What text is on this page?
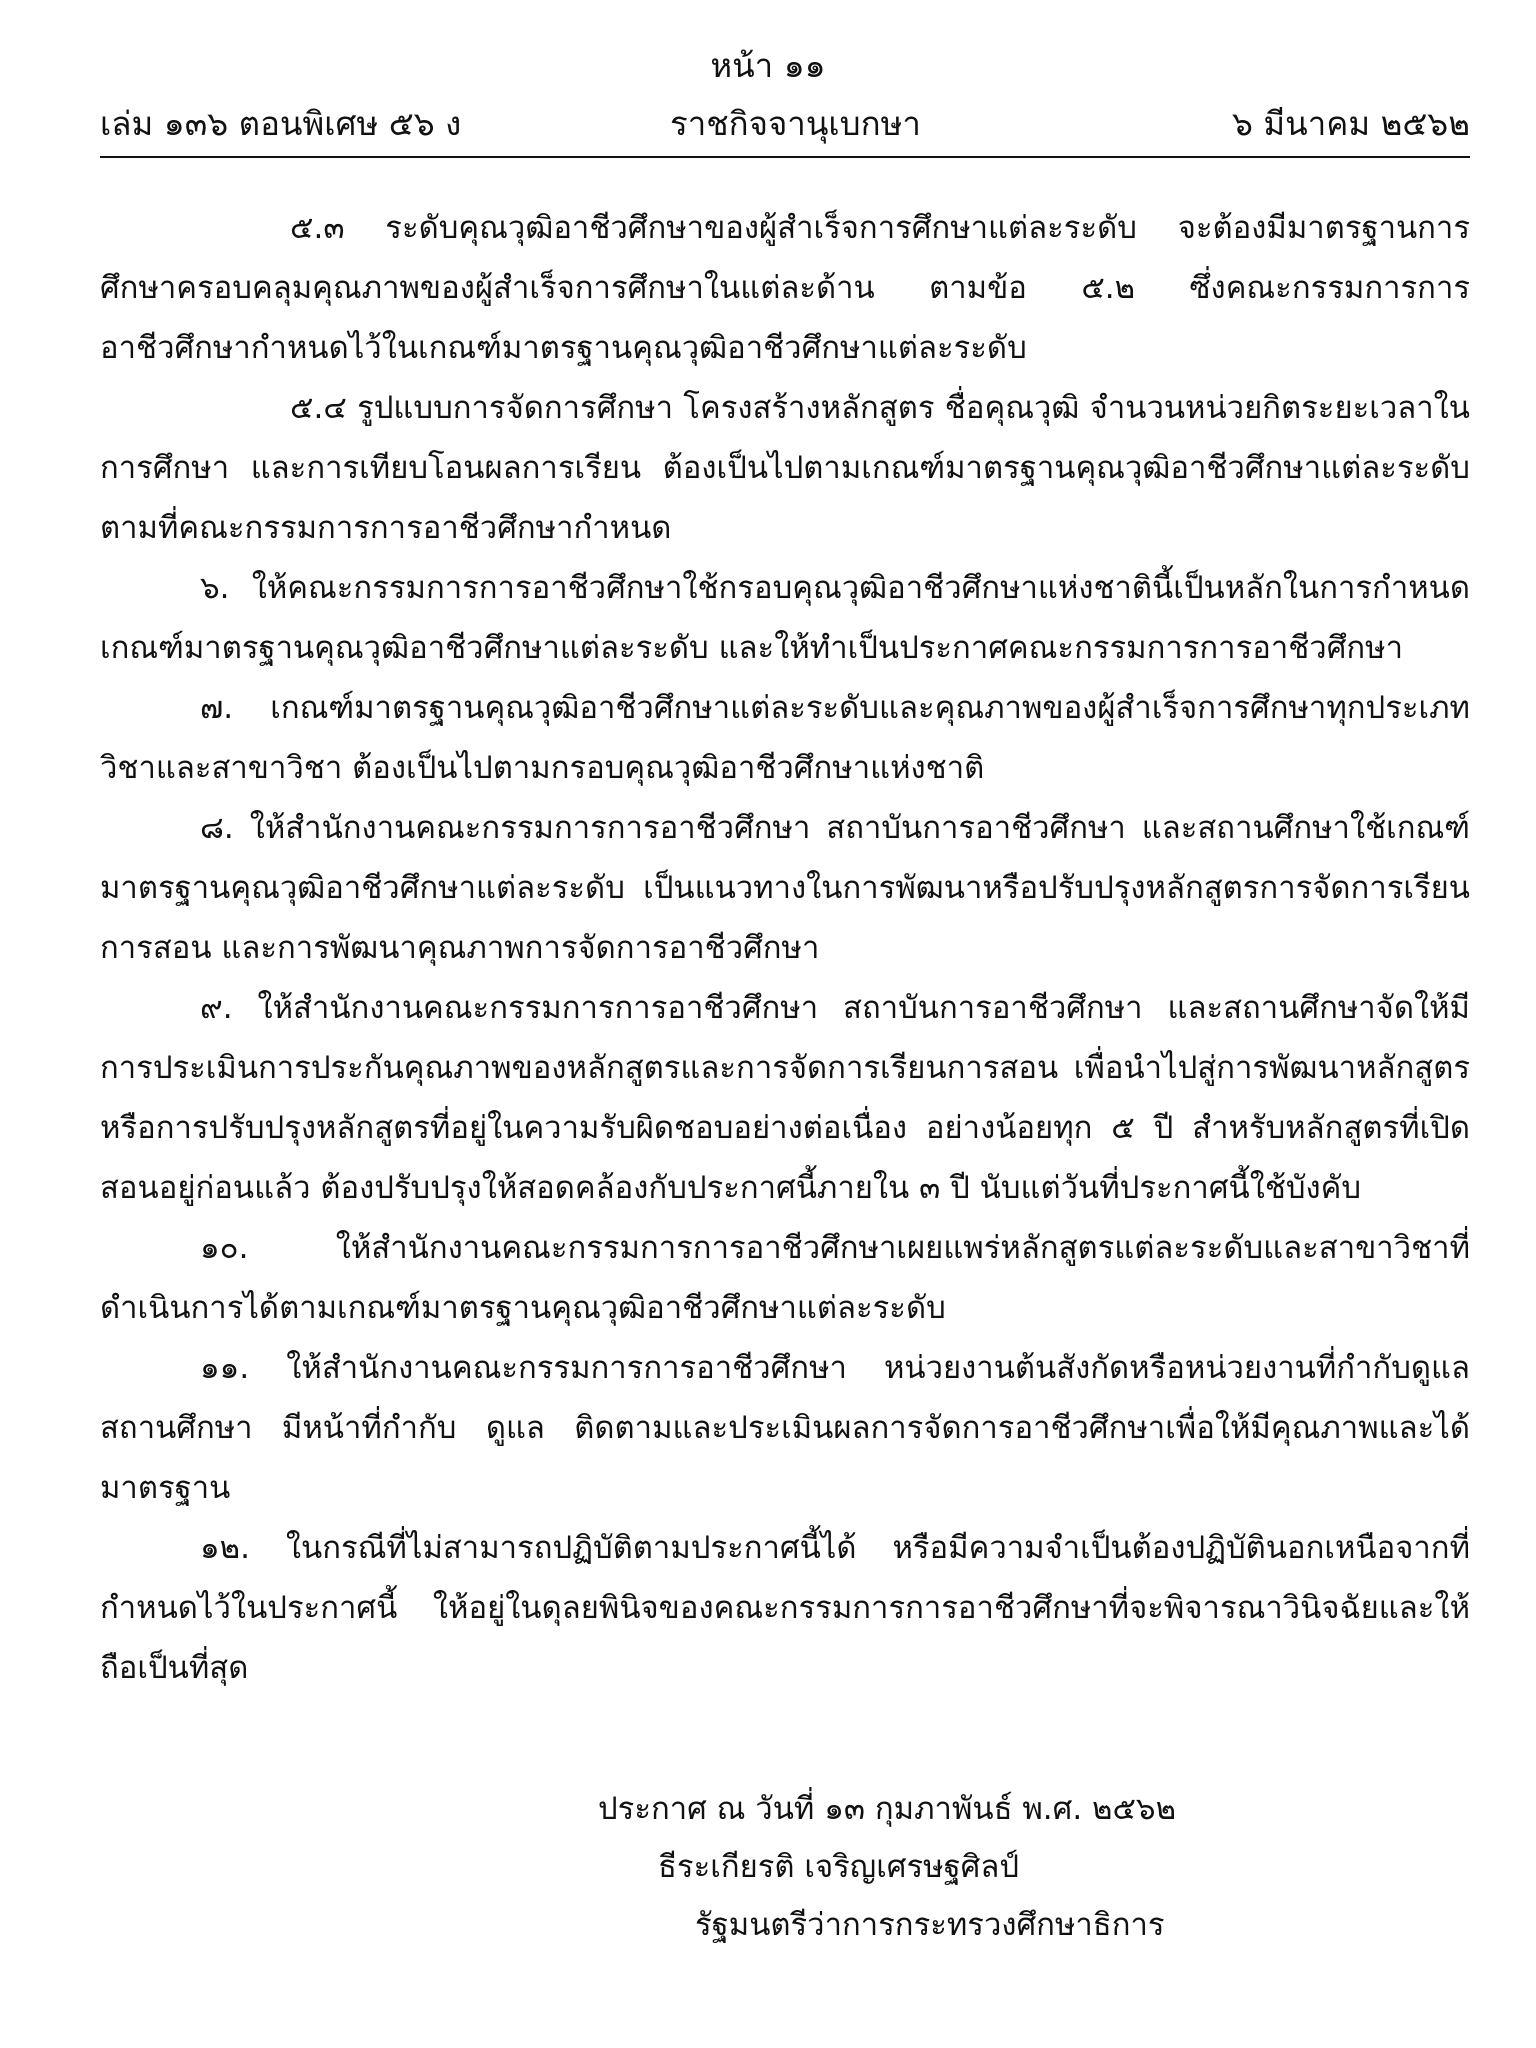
หน้า ๑๑
เล่ม ๑๓๖ ตอนพิเศษ ๕๖ ง	ราชกิจจานุเบกษา	๖ มีนาคม ๒๕๖๒

๕.๓ ระดับคุณวุฒิอาชีวศึกษาของผู้สำเร็จการศึกษาแต่ละระดับ จะต้องมีมาตรฐานการศึกษาครอบคลุมคุณภาพของผู้สำเร็จการศึกษาในแต่ละด้าน ตามข้อ ๕.๒ ซึ่งคณะกรรมการการอาชีวศึกษากำหนดไว้ในเกณฑ์มาตรฐานคุณวุฒิอาชีวศึกษาแต่ละระดับ

๕.๔ รูปแบบการจัดการศึกษา โครงสร้างหลักสูตร ชื่อคุณวุฒิ จำนวนหน่วยกิตระยะเวลาในการศึกษา และการเทียบโอนผลการเรียน ต้องเป็นไปตามเกณฑ์มาตรฐานคุณวุฒิอาชีวศึกษาแต่ละระดับ ตามที่คณะกรรมการการอาชีวศึกษากำหนด

๖. ให้คณะกรรมการการอาชีวศึกษาใช้กรอบคุณวุฒิอาชีวศึกษาแห่งชาตินี้เป็นหลักในการกำหนดเกณฑ์มาตรฐานคุณวุฒิอาชีวศึกษาแต่ละระดับ และให้ทำเป็นประกาศคณะกรรมการการอาชีวศึกษา

๗. เกณฑ์มาตรฐานคุณวุฒิอาชีวศึกษาแต่ละระดับและคุณภาพของผู้สำเร็จการศึกษาทุกประเภทวิชาและสาขาวิชา ต้องเป็นไปตามกรอบคุณวุฒิอาชีวศึกษาแห่งชาติ

๘. ให้สำนักงานคณะกรรมการการอาชีวศึกษา สถาบันการอาชีวศึกษา และสถานศึกษาใช้เกณฑ์มาตรฐานคุณวุฒิอาชีวศึกษาแต่ละระดับ เป็นแนวทางในการพัฒนาหรือปรับปรุงหลักสูตรการจัดการเรียนการสอน และการพัฒนาคุณภาพการจัดการอาชีวศึกษา

๙. ให้สำนักงานคณะกรรมการการอาชีวศึกษา สถาบันการอาชีวศึกษา และสถานศึกษาจัดให้มีการประเมินการประกันคุณภาพของหลักสูตรและการจัดการเรียนการสอน เพื่อนำไปสู่การพัฒนาหลักสูตรหรือการปรับปรุงหลักสูตรที่อยู่ในความรับผิดชอบอย่างต่อเนื่อง อย่างน้อยทุก ๕ ปี สำหรับหลักสูตรที่เปิดสอนอยู่ก่อนแล้ว ต้องปรับปรุงให้สอดคล้องกับประกาศนี้ภายใน ๓ ปี นับแต่วันที่ประกาศนี้ใช้บังคับ

๑๐. ให้สำนักงานคณะกรรมการการอาชีวศึกษาเผยแพร่หลักสูตรแต่ละระดับและสาขาวิชาที่ดำเนินการได้ตามเกณฑ์มาตรฐานคุณวุฒิอาชีวศึกษาแต่ละระดับ

๑๑. ให้สำนักงานคณะกรรมการการอาชีวศึกษา หน่วยงานต้นสังกัดหรือหน่วยงานที่กำกับดูแลสถานศึกษา มีหน้าที่กำกับ ดูแล ติดตามและประเมินผลการจัดการอาชีวศึกษาเพื่อให้มีคุณภาพและได้มาตรฐาน

๑๒. ในกรณีที่ไม่สามารถปฏิบัติตามประกาศนี้ได้ หรือมีความจำเป็นต้องปฏิบัตินอกเหนือจากที่กำหนดไว้ในประกาศนี้ ให้อยู่ในดุลยพินิจของคณะกรรมการการอาชีวศึกษาที่จะพิจารณาวินิจฉัยและให้ถือเป็นที่สุด

ประกาศ ณ วันที่ ๑๓ กุมภาพันธ์ พ.ศ. ๒๕๖๒
ธีระเกียรติ เจริญเศรษฐศิลป์
รัฐมนตรีว่าการกระทรวงศึกษาธิการ
